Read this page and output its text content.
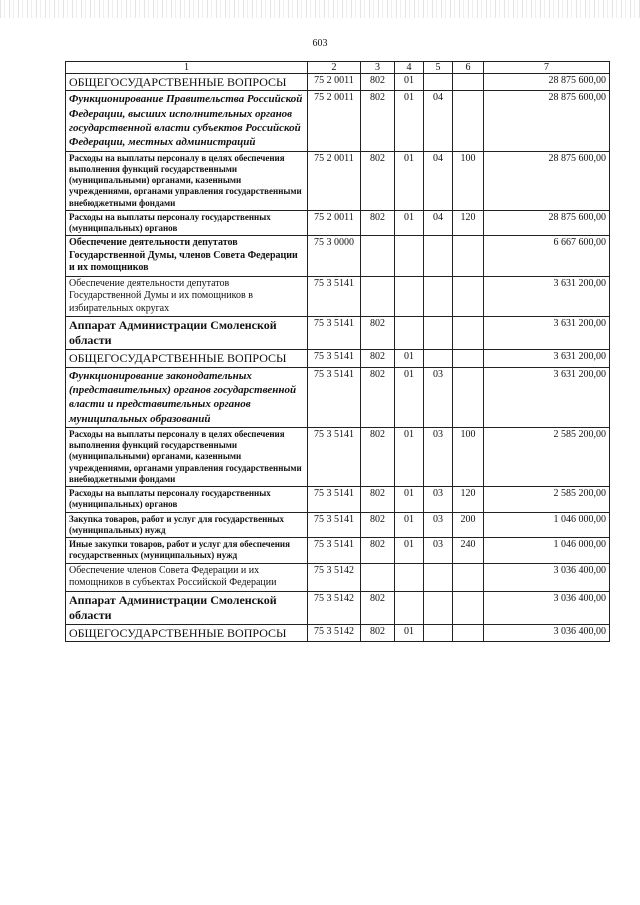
603
1	2	3	4	5	6	7
ОБЩЕГОСУДАРСТВЕННЫЕ ВОПРОСЫ	75 2 0011	802	01			28 875 600,00
Функционирование Правительства Российской Федерации, высших исполнительных органов государственной власти субъектов Российской Федерации, местных администраций	75 2 0011	802	01	04		28 875 600,00
Расходы на выплаты персоналу в целях обеспечения выполнения функций государственными (муниципальными) органами, казенными учреждениями, органами управления государственными внебюджетными фондами	75 2 0011	802	01	04	100	28 875 600,00
Расходы на выплаты персоналу государственных (муниципальных) органов	75 2 0011	802	01	04	120	28 875 600,00
Обеспечение деятельности депутатов Государственной Думы, членов Совета Федерации и их помощников	75 3 0000					6 667 600,00
Обеспечение деятельности депутатов Государственной Думы и их помощников в избирательных округах	75 3 5141					3 631 200,00
Аппарат Администрации Смоленской области	75 3 5141	802				3 631 200,00
ОБЩЕГОСУДАРСТВЕННЫЕ ВОПРОСЫ	75 3 5141	802	01			3 631 200,00
Функционирование законодательных (представительных) органов государственной власти и представительных органов муниципальных образований	75 3 5141	802	01	03		3 631 200,00
Расходы на выплаты персоналу в целях обеспечения выполнения функций государственными (муниципальными) органами, казенными учреждениями, органами управления государственными внебюджетными фондами	75 3 5141	802	01	03	100	2 585 200,00
Расходы на выплаты персоналу государственных (муниципальных) органов	75 3 5141	802	01	03	120	2 585 200,00
Закупка товаров, работ и услуг для государственных (муниципальных) нужд	75 3 5141	802	01	03	200	1 046 000,00
Иные закупки товаров, работ и услуг для обеспечения государственных (муниципальных) нужд	75 3 5141	802	01	03	240	1 046 000,00
Обеспечение членов Совета Федерации и их помощников в субъектах Российской Федерации	75 3 5142					3 036 400,00
Аппарат Администрации Смоленской области	75 3 5142	802				3 036 400,00
ОБЩЕГОСУДАРСТВЕННЫЕ ВОПРОСЫ	75 3 5142	802	01			3 036 400,00
